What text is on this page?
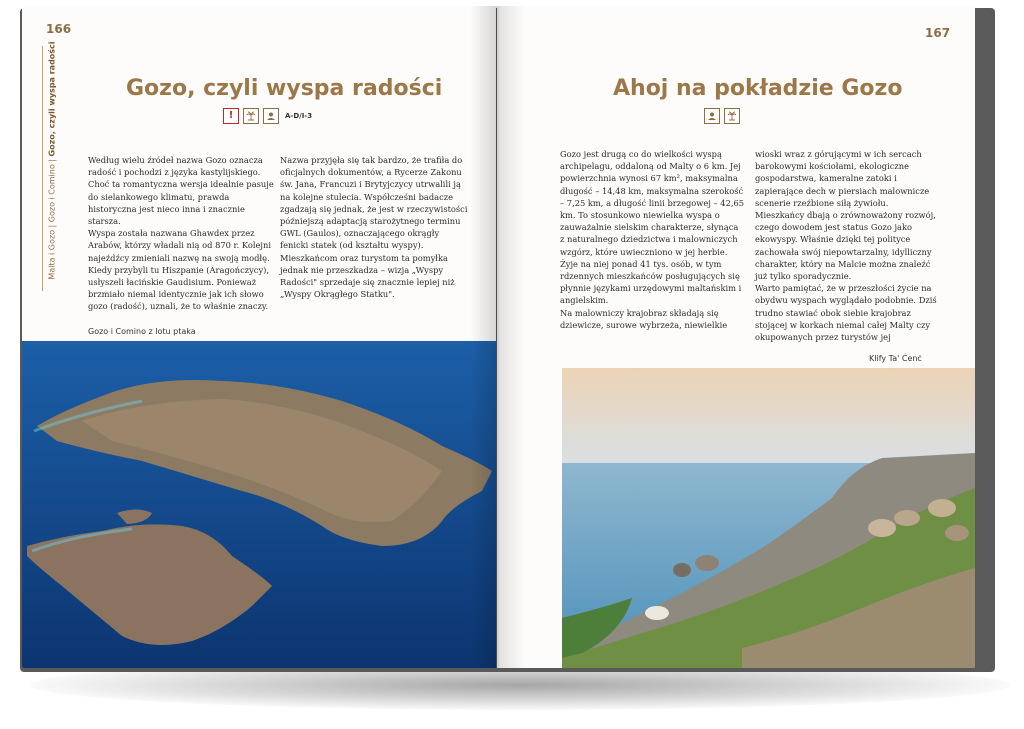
166
Malta i Gozo | Gozo i Comino | Gozo, czyli wyspa radości	Gozo, czyli wyspa radości
!	A-D/I-3

Według wielu źródeł nazwa Gozo oznacza radość i pochodzi z języka kastylijskiego. Choć ta romantyczna wersja idealnie pasuje do sielankowego klimatu, prawda historyczna jest nieco inna i znacznie starsza.

Wyspa została nazwana Ghawdex przez Arabów, którzy władali nią od 870 r. Kolejni najeźdźcy zmieniali nazwę na swoją modłę. Kiedy przybyli tu Hiszpanie (Aragończycy), usłyszeli łacińskie Gaudisium. Ponieważ brzmiało niemal identycznie jak ich słowo gozo (radość), uznali, że to właśnie znaczy.

Nazwa przyjęła się tak bardzo, że trafiła do oficjalnych dokumentów, a Rycerze Zakonu św. Jana, Francuzi i Brytyjczycy utrwalili ją na kolejne stulecia. Współcześni badacze zgadzają się jednak, że jest w rzeczywistości późniejszą adaptacją starożytnego terminu GWL (Gaulos), oznaczającego okrągły fenicki statek (od kształtu wyspy). Mieszkańcom oraz turystom ta pomyłka jednak nie przeszkadza – wizja „Wyspy Radości" sprzedaje się znacznie lepiej niż „Wyspy Okrągłego Statku".

Gozo i Comino z lotu ptaka
167
Ahoj na pokładzie Gozo

Gozo jest drugą co do wielkości wyspą archipelagu, oddaloną od Malty o 6 km. Jej powierzchnia wynosi 67 km², maksymalna długość – 14,48 km, maksymalna szerokość – 7,25 km, a długość linii brzegowej – 42,65 km. To stosunkowo niewielka wyspa o zauważalnie sielskim charakterze, słynąca z naturalnego dziedzictwa i malowniczych wzgórz, które uwieczniono w jej herbie.

Żyje na niej ponad 41 tys. osób, w tym rdzennych mieszkańców posługujących się płynnie językami urzędowymi maltańskim i angielskim.

Na malowniczy krajobraz składają się dziewicze, surowe wybrzeża, niewielkie

wioski wraz z górującymi w ich sercach barokowymi kościołami, ekologiczne gospodarstwa, kameralne zatoki i zapierające dech w piersiach malownicze scenerie rzeźbione siłą żywiołu.

Mieszkańcy dbają o zrównoważony rozwój, czego dowodem jest status Gozo jako ekowyspy. Właśnie dzięki tej polityce zachowała swój niepowtarzalny, idylliczny charakter, który na Malcie można znaleźć już tylko sporadycznie.

Warto pamiętać, że w przeszłości życie na obydwu wyspach wyglądało podobnie. Dziś trudno stawiać obok siebie krajobraz stojącej w korkach niemal całej Malty czy okupowanych przez turystów jej

Klify Ta' Ċenċ
